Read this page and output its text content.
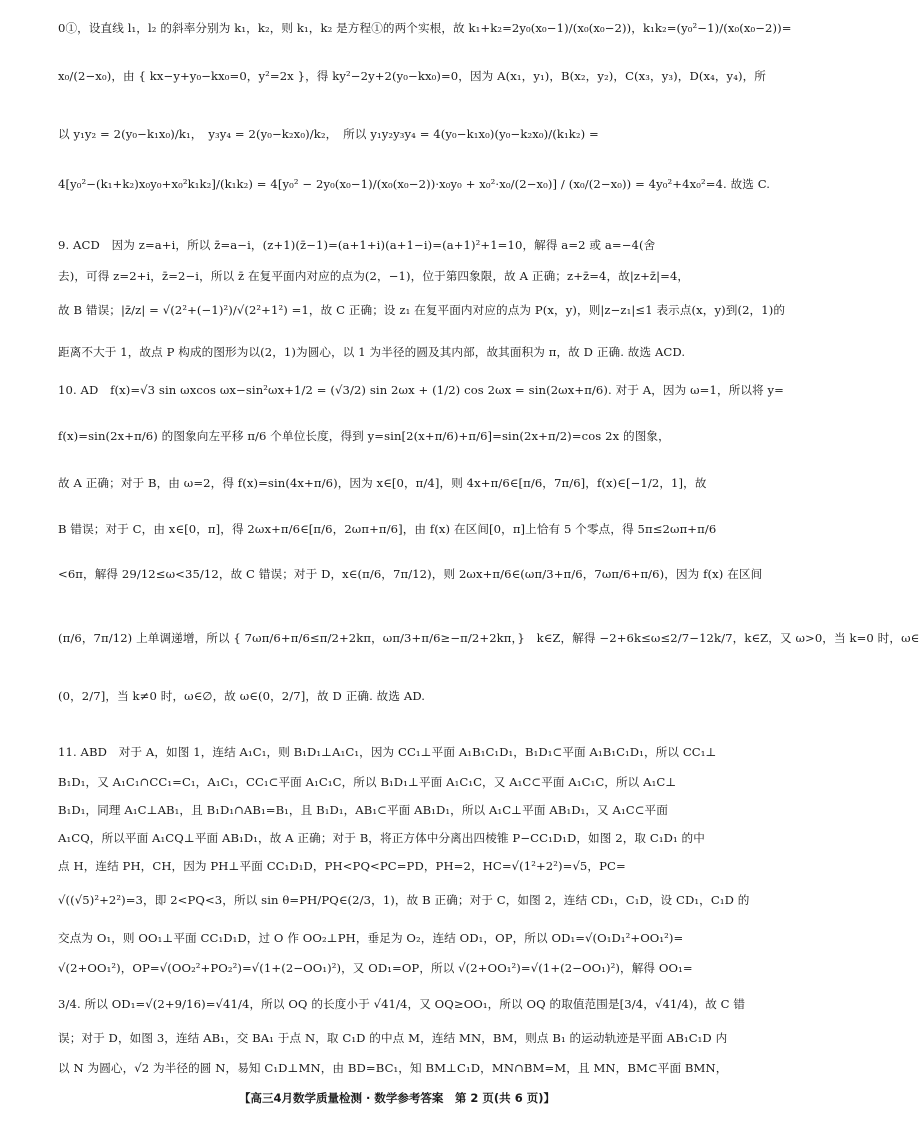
0①，设直线 l₁，l₂ 的斜率分别为 k₁，k₂，则 k₁，k₂ 是方程①的两个实根，故 k₁+k₂=2y₀(x₀−1)/(x₀(x₀−2))，k₁k₂=(y₀²−1)/(x₀(x₀−2))=
x₀/(2−x₀)，由 { kx−y+y₀−kx₀=0，y²=2x }，得 ky²−2y+2(y₀−kx₀)=0，因为 A(x₁，y₁)，B(x₂，y₂)，C(x₃，y₃)，D(x₄，y₄)，所
以 y₁y₂ = 2(y₀−k₁x₀)/k₁，　y₃y₄ = 2(y₀−k₂x₀)/k₂，　所以 y₁y₂y₃y₄ = 4(y₀−k₁x₀)(y₀−k₂x₀)/(k₁k₂) =
4[y₀²−(k₁+k₂)x₀y₀+x₀²k₁k₂]/(k₁k₂) = 4[y₀² − 2y₀(x₀−1)/(x₀(x₀−2))·x₀y₀ + x₀²·x₀/(2−x₀)] / (x₀/(2−x₀)) = 4y₀²+4x₀²=4. 故选 C.
9. ACD　因为 z=a+i，所以 z̄=a−i，(z+1)(z̄−1)=(a+1+i)(a+1−i)=(a+1)²+1=10，解得 a=2 或 a=−4(舍
去)，可得 z=2+i，z̄=2−i，所以 z̄ 在复平面内对应的点为(2，−1)，位于第四象限，故 A 正确；z+z̄=4，故|z+z̄|=4，
故 B 错误；|z̄/z| = √(2²+(−1)²)/√(2²+1²) =1，故 C 正确；设 z₁ 在复平面内对应的点为 P(x，y)，则|z−z₁|≤1 表示点(x，y)到(2，1)的
距离不大于 1，故点 P 构成的图形为以(2，1)为圆心，以 1 为半径的圆及其内部，故其面积为 π，故 D 正确. 故选 ACD.
10. AD　f(x)=√3 sin ωxcos ωx−sin²ωx+1/2 = (√3/2) sin 2ωx + (1/2) cos 2ωx = sin(2ωx+π/6). 对于 A，因为 ω=1，所以将 y=
f(x)=sin(2x+π/6) 的图象向左平移 π/6 个单位长度，得到 y=sin[2(x+π/6)+π/6]=sin(2x+π/2)=cos 2x 的图象，
故 A 正确；对于 B，由 ω=2，得 f(x)=sin(4x+π/6)，因为 x∈[0，π/4]，则 4x+π/6∈[π/6，7π/6]，f(x)∈[−1/2，1]，故
B 错误；对于 C，由 x∈[0，π]，得 2ωx+π/6∈[π/6，2ωπ+π/6]，由 f(x) 在区间[0，π]上恰有 5 个零点，得 5π≤2ωπ+π/6
<6π，解得 29/12≤ω<35/12，故 C 错误；对于 D，x∈(π/6，7π/12)，则 2ωx+π/6∈(ωπ/3+π/6，7ωπ/6+π/6)，因为 f(x) 在区间
(π/6，7π/12) 上单调递增，所以 { 7ωπ/6+π/6≤π/2+2kπ，ωπ/3+π/6≥−π/2+2kπ，}　k∈Z，解得 −2+6k≤ω≤2/7−12k/7，k∈Z，又 ω>0，当 k=0 时，ω∈
(0，2/7]，当 k≠0 时，ω∈∅，故 ω∈(0，2/7]，故 D 正确. 故选 AD.
11. ABD　对于 A，如图 1，连结 A₁C₁，则 B₁D₁⊥A₁C₁，因为 CC₁⊥平面 A₁B₁C₁D₁，B₁D₁⊂平面 A₁B₁C₁D₁，所以 CC₁⊥
B₁D₁，又 A₁C₁∩CC₁=C₁，A₁C₁，CC₁⊂平面 A₁C₁C，所以 B₁D₁⊥平面 A₁C₁C，又 A₁C⊂平面 A₁C₁C，所以 A₁C⊥
B₁D₁，同理 A₁C⊥AB₁，且 B₁D₁∩AB₁=B₁，且 B₁D₁，AB₁⊂平面 AB₁D₁，所以 A₁C⊥平面 AB₁D₁，又 A₁C⊂平面
A₁CQ，所以平面 A₁CQ⊥平面 AB₁D₁，故 A 正确；对于 B，将正方体中分离出四棱锥 P−CC₁D₁D，如图 2，取 C₁D₁ 的中
点 H，连结 PH，CH，因为 PH⊥平面 CC₁D₁D，PH<PQ<PC=PD，PH=2，HC=√(1²+2²)=√5，PC=
√((√5)²+2²)=3，即 2<PQ<3，所以 sin θ=PH/PQ∈(2/3，1)，故 B 正确；对于 C，如图 2，连结 CD₁，C₁D，设 CD₁，C₁D 的
交点为 O₁，则 OO₁⊥平面 CC₁D₁D，过 O 作 OO₂⊥PH，垂足为 O₂，连结 OD₁，OP，所以 OD₁=√(O₁D₁²+OO₁²)=
√(2+OO₁²)，OP=√(OO₂²+PO₂²)=√(1+(2−OO₁)²)，又 OD₁=OP，所以 √(2+OO₁²)=√(1+(2−OO₁)²)，解得 OO₁=
3/4. 所以 OD₁=√(2+9/16)=√41/4，所以 OQ 的长度小于 √41/4，又 OQ≥OO₁，所以 OQ 的取值范围是[3/4，√41/4)，故 C 错
误；对于 D，如图 3，连结 AB₁，交 BA₁ 于点 N，取 C₁D 的中点 M，连结 MN，BM，则点 B₁ 的运动轨迹是平面 AB₁C₁D 内
以 N 为圆心，√2 为半径的圆 N，易知 C₁D⊥MN，由 BD=BC₁，知 BM⊥C₁D，MN∩BM=M，且 MN，BM⊂平面 BMN，
【高三4月数学质量检测 · 数学参考答案　第 2 页(共 6 页)】
